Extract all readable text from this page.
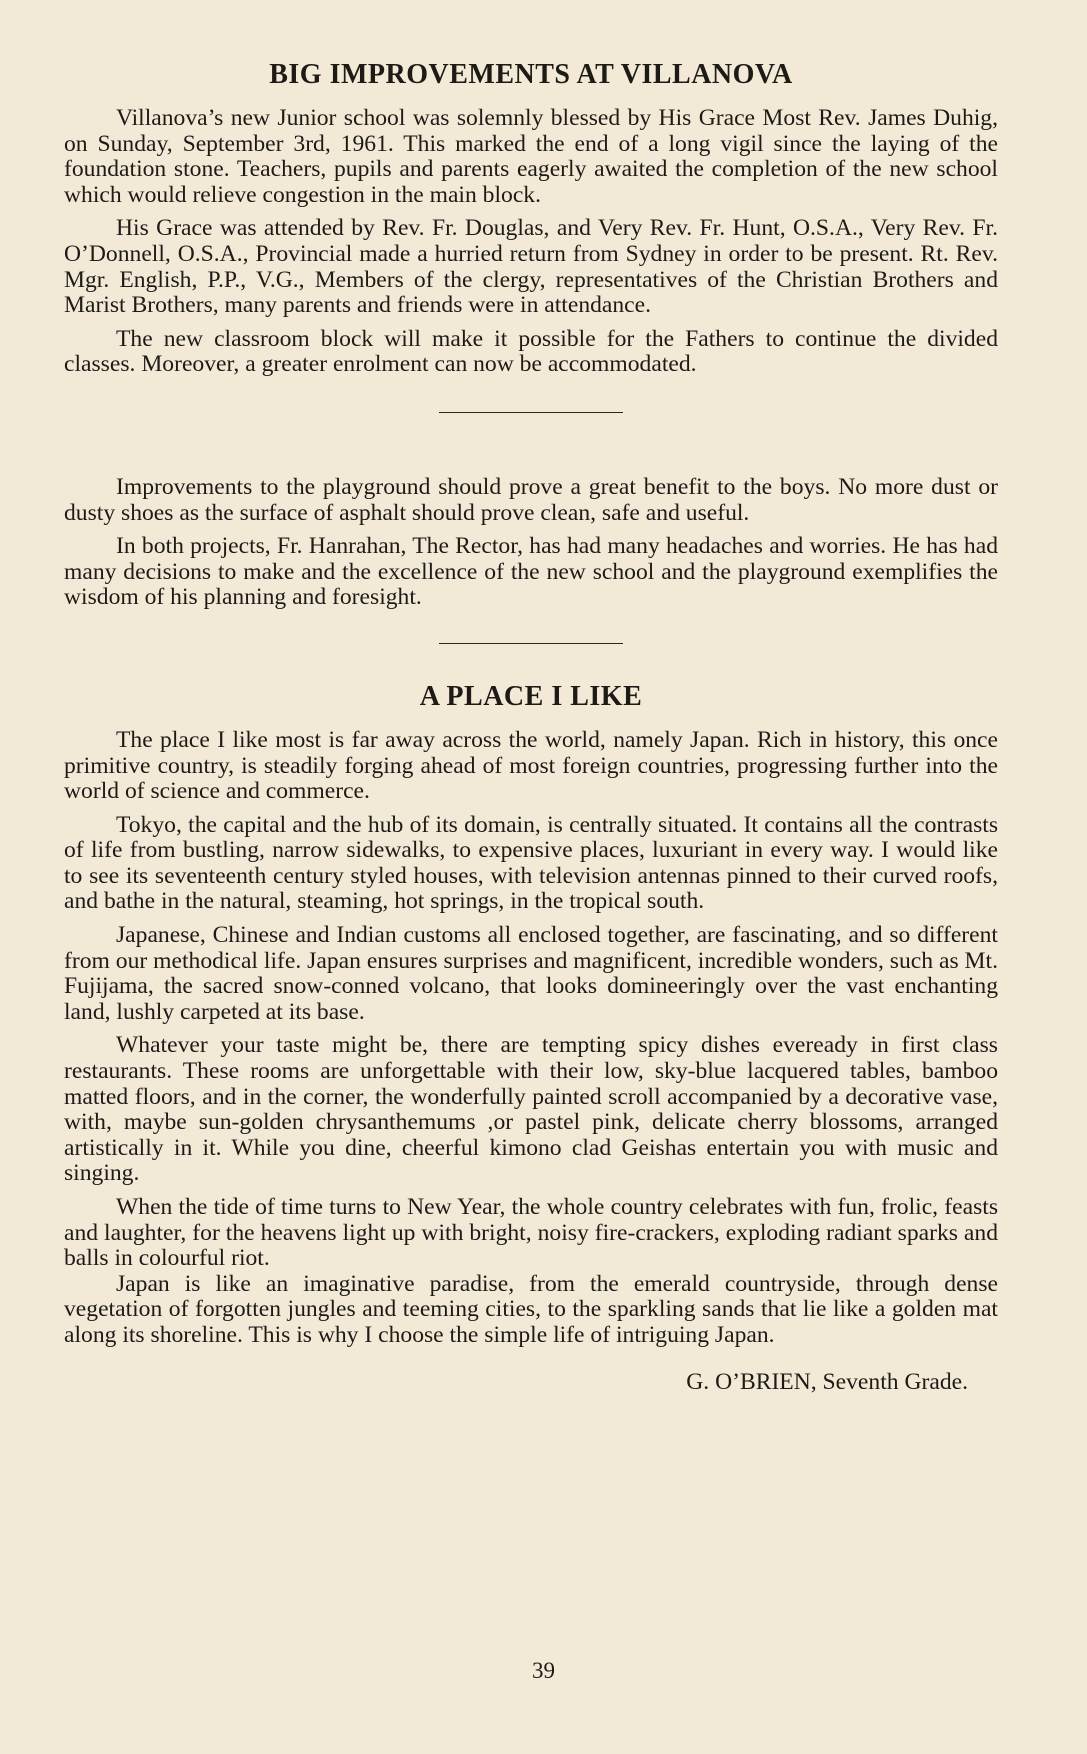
BIG IMPROVEMENTS AT VILLANOVA

Villanova’s new Junior school was solemnly blessed by His Grace Most Rev. James Duhig, on Sunday, September 3rd, 1961. This marked the end of a long vigil since the laying of the foundation stone. Teachers, pupils and parents eagerly awaited the completion of the new school which would relieve congestion in the main block.

His Grace was attended by Rev. Fr. Douglas, and Very Rev. Fr. Hunt, O.S.A., Very Rev. Fr. O’Donnell, O.S.A., Provincial made a hurried return from Sydney in order to be present. Rt. Rev. Mgr. English, P.P., V.G., Members of the clergy, representatives of the Christian Brothers and Marist Brothers, many parents and friends were in attendance.

The new classroom block will make it possible for the Fathers to continue the divided classes. Moreover, a greater enrolment can now be accommodated.

Improvements to the playground should prove a great benefit to the boys. No more dust or dusty shoes as the surface of asphalt should prove clean, safe and useful.

In both projects, Fr. Hanrahan, The Rector, has had many headaches and worries. He has had many decisions to make and the excellence of the new school and the playground exemplifies the wisdom of his planning and foresight.

A PLACE I LIKE

The place I like most is far away across the world, namely Japan. Rich in history, this once primitive country, is steadily forging ahead of most foreign countries, progressing further into the world of science and commerce.

Tokyo, the capital and the hub of its domain, is centrally situated. It contains all the contrasts of life from bustling, narrow sidewalks, to expensive places, luxuriant in every way. I would like to see its seventeenth century styled houses, with television antennas pinned to their curved roofs, and bathe in the natural, steaming, hot springs, in the tropical south.

Japanese, Chinese and Indian customs all enclosed together, are fascinating, and so different from our methodical life. Japan ensures surprises and magnificent, incredible wonders, such as Mt. Fujijama, the sacred snow-conned volcano, that looks domineeringly over the vast enchanting land, lushly carpeted at its base.

Whatever your taste might be, there are tempting spicy dishes eveready in first class restaurants. These rooms are unforgettable with their low, sky-blue lacquered tables, bamboo matted floors, and in the corner, the wonderfully painted scroll accompanied by a decorative vase, with, maybe sun-golden chrysanthemums ,or pastel pink, delicate cherry blossoms, arranged artistically in it. While you dine, cheerful kimono clad Geishas entertain you with music and singing.

When the tide of time turns to New Year, the whole country celebrates with fun, frolic, feasts and laughter, for the heavens light up with bright, noisy fire-crackers, exploding radiant sparks and balls in colourful riot.

Japan is like an imaginative paradise, from the emerald countryside, through dense vegetation of forgotten jungles and teeming cities, to the sparkling sands that lie like a golden mat along its shoreline. This is why I choose the simple life of intriguing Japan.

G. O’BRIEN, Seventh Grade.
39
